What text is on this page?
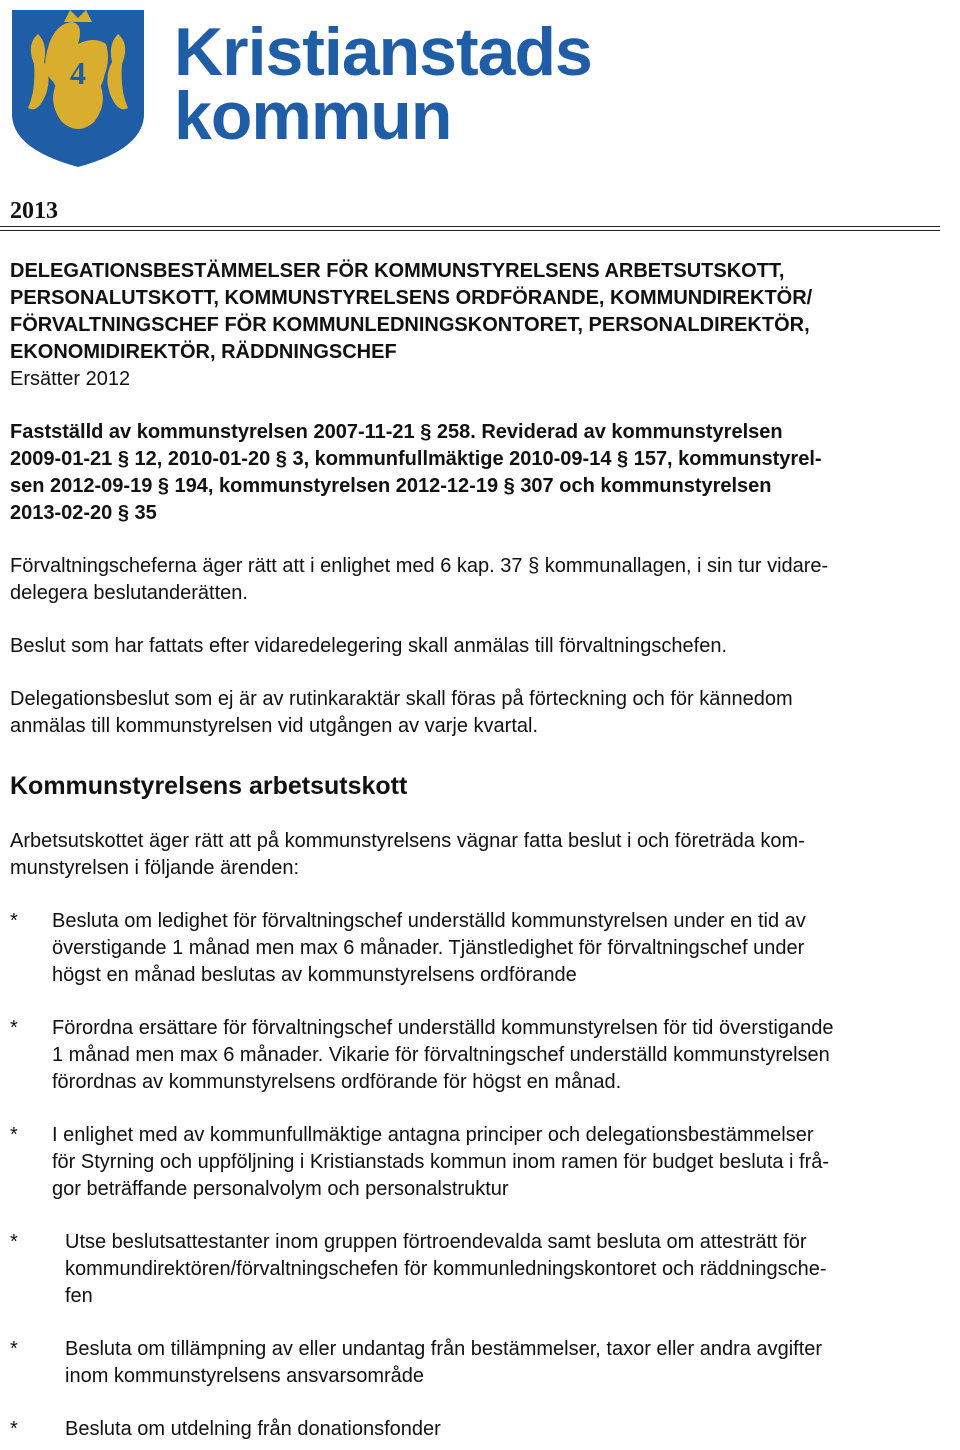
4 Kristianstads
kommun
2013
DELEGATIONSBESTÄMMELSER FÖR KOMMUNSTYRELSENS ARBETSUTSKOTT,
PERSONALUTSKOTT, KOMMUNSTYRELSENS ORDFÖRANDE, KOMMUNDIREKTÖR/
FÖRVALTNINGSCHEF FÖR KOMMUNLEDNINGSKONTORET, PERSONALDIREKTÖR,
EKONOMIDIREKTÖR, RÄDDNINGSCHEF

Ersätter 2012

Fastställd av kommunstyrelsen 2007-11-21 § 258. Reviderad av kommunstyrelsen
2009-01-21 § 12, 2010-01-20 § 3, kommunfullmäktige 2010-09-14 § 157, kommunstyrel-
sen 2012-09-19 § 194, kommunstyrelsen 2012-12-19 § 307 och kommunstyrelsen
2013-02-20 § 35
Förvaltningscheferna äger rätt att i enlighet med 6 kap. 37 § kommunallagen, i sin tur vidare-
delegera beslutanderätten.
Beslut som har fattats efter vidaredelegering skall anmälas till förvaltningschefen.
Delegationsbeslut som ej är av rutinkaraktär skall föras på förteckning och för kännedom
anmälas till kommunstyrelsen vid utgången av varje kvartal.
Kommunstyrelsens arbetsutskott
Arbetsutskottet äger rätt att på kommunstyrelsens vägnar fatta beslut i och företräda kom-
munstyrelsen i följande ärenden:
* Besluta om ledighet för förvaltningschef underställd kommunstyrelsen under en tid av
överstigande 1 månad men max 6 månader. Tjänstledighet för förvaltningschef under
högst en månad beslutas av kommunstyrelsens ordförande
* Förordna ersättare för förvaltningschef underställd kommunstyrelsen för tid överstigande
1 månad men max 6 månader. Vikarie för förvaltningschef underställd kommunstyrelsen
förordnas av kommunstyrelsens ordförande för högst en månad.
* I enlighet med av kommunfullmäktige antagna principer och delegationsbestämmelser
för Styrning och uppföljning i Kristianstads kommun inom ramen för budget besluta i frå-
gor beträffande personalvolym och personalstruktur
* Utse beslutsattestanter inom gruppen förtroendevalda samt besluta om attesträtt för
kommundirektören/förvaltningschefen för kommunledningskontoret och räddningsche-
fen
* Besluta om tillämpning av eller undantag från bestämmelser, taxor eller andra avgifter
inom kommunstyrelsens ansvarsområde
* Besluta om utdelning från donationsfonder
